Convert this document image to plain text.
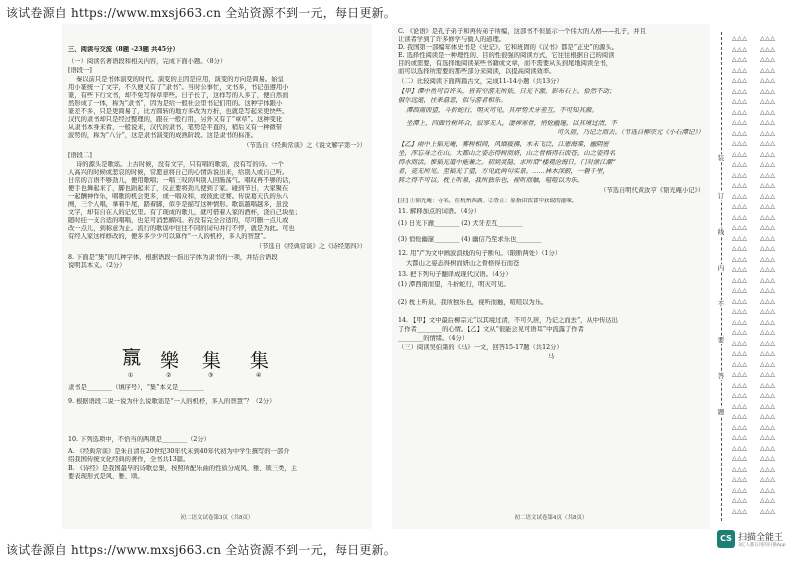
该试卷源自 https://www.mxsj663.cn 全站资源不到一元，每日更新。
𣎆
①
樂
②
集
③
集
④
初二语文试卷第3页（共8页）
三、阅读与交流（8题 -23题 共45分）
（一）阅读名著语段和相关内容，完成下面小题。（8分）
[语段一]
秦以前只是书体演变的时代。演变的主因是应用，演变的方向是简易。始皇
用小篆统一了文字，不久便又有了“隶书”。当时公事忙，文书多，书记虽遵用小
篆，有些下行文书，却不免写得草率些。日子长了，这样写的人多了，便自然而
然形成了一体，称为“隶书”，因为是给一般社会里书记们用的。这种字体跟小
篆差不多，只是更简易了，比方圆转的地方多改为方折，也就是写起来更快些。
汉代的隶书却只是经过整理的，跟在一般行用，另外又有了“章草”。这种变化
从隶书本身来看，一般说来，汉代的隶书，笔势是平直的，稍后又有一种微带
波势的，称为“八分”，这是隶书演变的成熟阶段。这是隶书的标准。
（节选自《经典常谈》之《说文解字第一》）
[语段二]
诗的源头是歌谣。上古时候，没有文字，只有唱的歌谣，没有写的诗。一个
人高兴的时候或悲哀的时候，常愿意将自己的心情诉说出来，给别人或自己听。
日常的言语不够劲儿，便用歌唱；一唱三叹的叫别人回肠荡气。唱叹再不够的话，
便手也舞起来了，脚也蹈起来了，反正要将劲儿使到了家。碰到节日，大家聚在
一起酬神作乐，唱歌的机会更多，或一唱众和，或彼此竞赛。传说葛天氏的乐八
阕，三个人唱，拿着牛尾，踏着脚，似乎是描写这种情形。歌谣越唱越多，虽没
文字，却有自在人的记忆里。有了现成的歌儿，就可借着人家的酒杯，浇自己块垒；
随时挂一支合适的唱唱，也足可消愁解闷。若没有完全合适的，尽可删一点儿或
改一点儿，到称意为止。流行的歌谣中往往不同的词句并行不悖，就是为此。可也
有经人家这样修改的，便多多少少可以算作“一人的机杼，多人的智慧”。
（节选自《经典常谈》之《诗经第四》）
8. 下面是“集”的几种字体，根据语段一指出字体为隶书的一项，并结合语段
说明其本义。（2分）
隶书是________（填序号），“集”本义是________
9. 根据语段二说一说为什么说歌谣是“一人的机杼，多人的智慧”？（2分）
10. 下列选项中，不恰当的两项是________（2分）
A. 《经典常谈》是朱自清在20世纪30年代末到40年代初为中学生撰写的一部介
绍我国传统文化经典的著作，全书共13篇。
B. 《诗经》是我国最早的诗歌总集，按照所配乐曲的性质分成风、雅、颂三类，主
要表现形式是风、雅、颂。
初二语文试卷第4页（共8页）
C. 《论语》是孔子弟子和再传弟子所编，这部书不但显示一个伟大的人格——孔子，并且
让读者学到了许多修学与做人的道理。
D. 我国第一部编年体史书是《史记》，它和班固的《汉书》都是“正史”的源头。
E. 选择性阅读是一种理性的、目的性很强的阅读方式，它往往根据自己的阅读
目的或需要，有选择地阅读某些书籍或文章，而不需要从头到尾地阅读全书，
而可以选择所需要的那些部分来阅读，以提高阅读效率。
（二）比较阅读下面两篇古文，完成11-14小题（共13分）
【甲】潭中鱼可百许头，皆若空游无所依。日光下澈，影布石上。佁然不动；
俶尔远逝，往来翕忽，似与游者相乐。
潭西南而望，斗折蛇行，明灭可见。其岸势犬牙差互，不可知其源。
坐潭上，四面竹树环合，寂寥无人，凄神寒骨，悄怆幽邃。以其境过清，不
可久居，乃记之而去。（节选自柳宗元《小石潭记》）
【乙】雨中上韬光庵，雾树相间，风烟披拂，木末飞泛，江患海棠，幽阴密
坐，浑忘身之在山。大都山之姿态得树而妍，山之骨格得石而苍。山之姿得名
得水而活。惟韬光道中能兼之。初到灵隐，求所谓“楼观沧海日，门对浙江潮”
者，竟无所见。至韬光了望，方见此两句实景。……林木深蔚，一碧千里，
转之得不可以。枕上听泉，我所独乐也，视听而触，喧喧以为乐。
（节选自明代黄汝亨《韬光庵小记》）
[注] ①韬光庵：寺名，在杭州西湖。②杳芷：原指由饮食中获取的滋味。
11. 解释加点的词语。（4分）
(1) 日光下澈________ (2) 犬牙差互________
(3) 悄怆幽邃________ (4) 幽信乃至求乐也________
12. 用“/”为文中画波浪线的句子断句。（限断两处）（1分）
大都山之姿态得树而妍山之骨格得石而苍
13. 把下列句子翻译成现代汉语。（4分）
(1) 潭西南而望，斗折蛇行，明灭可见。
(2) 枕上听泉，我所独乐也，视听而触，喧喧以为乐。
14. 【甲】文中最后柳宗元“以其境过清，不可久居，乃记之而去”，从中传达出
了作者________的心情。【乙】文从“很能会见可语耳”中流露了作者
________的情绪。（4分）
（三）阅读吴伯箫的《马》一文，回答15-17题（共12分）
马
△△△
△△△
△△△
△△△
△△△
△△△
△△△
△△△
△△△
△△△
△△△
△△△
△△△
△△△
△△△
△△△
△△△
△△△
△△△
△△△
△△△
△△△
△△△
△△△
△△△
△△△
△△△
△△△
△△△
△△△
△△△
△△△
△△△
△△△
△△△
△△△
△△△
△△△
△△△
△△△
△△△
△△△
△△△
△△△
△△△
△△△
△△△
△△△
△△△
△△△
△△△
△△△
△△△
△△△
△△△
△△△
△△△
△△△
△△△
△△△
△△△
△△△
△△△
△△△
△△△
△△△
△△△
△△△
△△△
△△△
△△△
△△△
△△△
△△△
△△△
△△△
△△△
△△△
△△△
△△△
△△△
△△△
△△△
△△△
△△△
△△△
△△△
△△△
△△△
△△△
△△△
△△△
装
订
线
内
不
要
答
题
该试卷源自 https://www.mxsj663.cn 全站资源不到一元，每日更新。
CS 扫描全能王
3亿人都在用的扫描App
